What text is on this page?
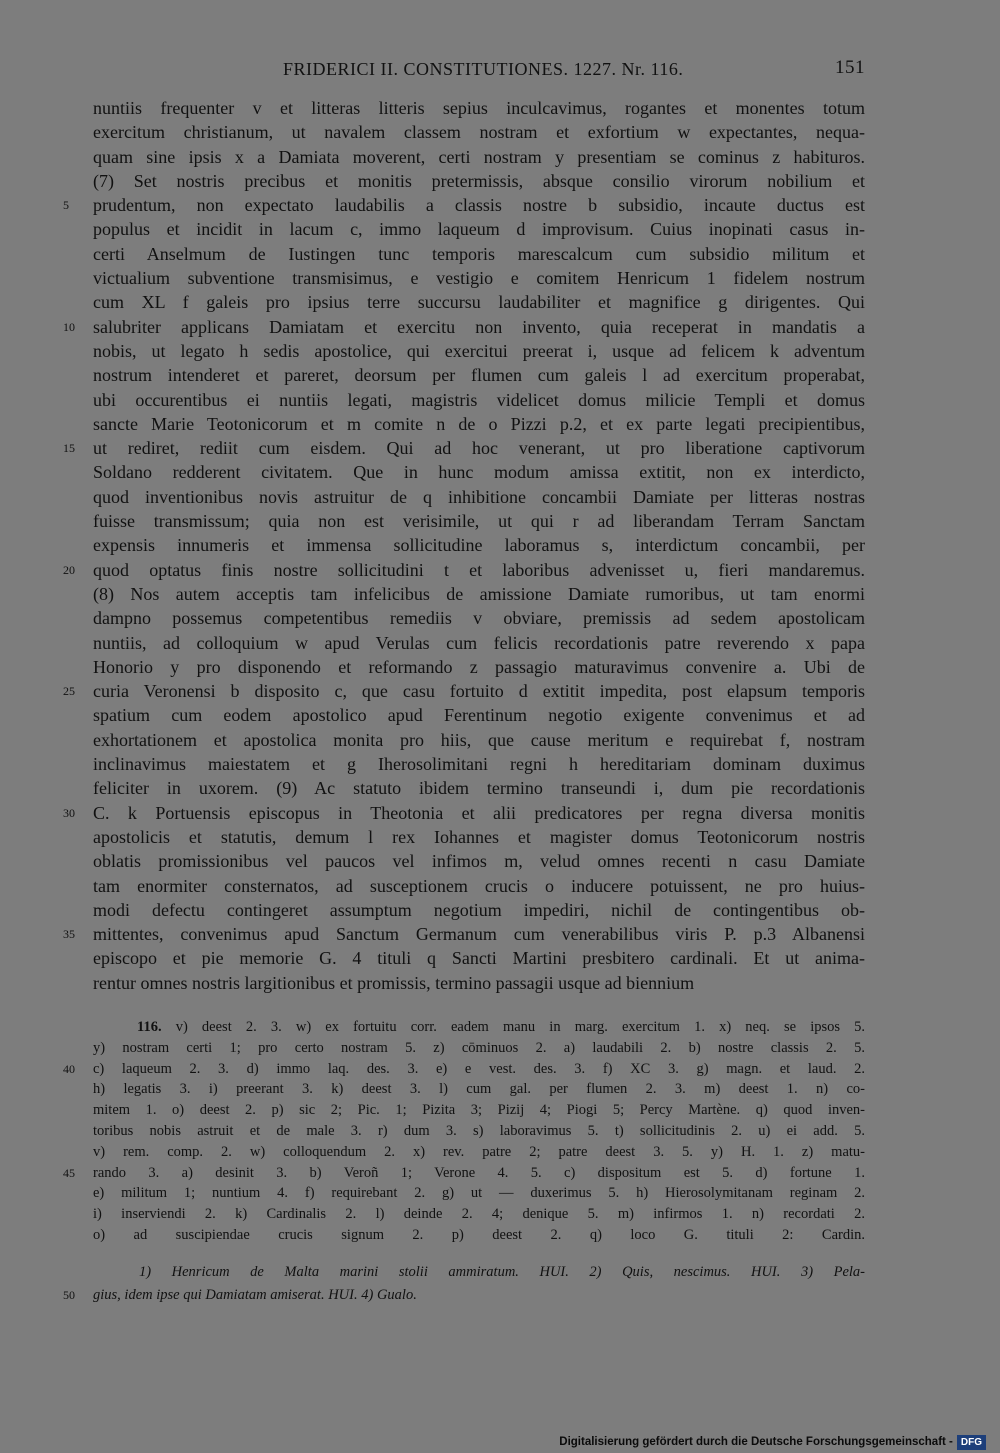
FRIDERICI II. CONSTITUTIONES. 1227. Nr. 116.	151
nuntiis frequenter v et litteras litteris sepius inculcavimus, rogantes et monentes totum
exercitum christianum, ut navalem classem nostram et exfortium w expectantes, nequa-
quam sine ipsis x a Damiata moverent, certi nostram y presentiam se cominus z habituros.
(7) Set nostris precibus et monitis pretermissis, absque consilio virorum nobilium et
5	prudentum, non expectato laudabilis a classis nostre b subsidio, incaute ductus est
populus et incidit in lacum c, immo laqueum d improvisum. Cuius inopinati casus in-
certi Anselmum de Iustingen tunc temporis marescalcum cum subsidio militum et
victualium subventione transmisimus, e vestigio e comitem Henricum 1 fidelem nostrum
cum XL f galeis pro ipsius terre succursu laudabiliter et magnifice g dirigentes. Qui
10	salubriter applicans Damiatam et exercitu non invento, quia receperat in mandatis a
nobis, ut legato h sedis apostolice, qui exercitui preerat i, usque ad felicem k adventum
nostrum intenderet et pareret, deorsum per flumen cum galeis l ad exercitum properabat,
ubi occurentibus ei nuntiis legati, magistris videlicet domus milicie Templi et domus
sancte Marie Teotonicorum et m comite n de o Pizzi p.2, et ex parte legati precipientibus,
15	ut rediret, rediit cum eisdem. Qui ad hoc venerant, ut pro liberatione captivorum
Soldano redderent civitatem. Que in hunc modum amissa extitit, non ex interdicto,
quod inventionibus novis astruitur de q inhibitione concambii Damiate per litteras nostras
fuisse transmissum; quia non est verisimile, ut qui r ad liberandam Terram Sanctam
expensis innumeris et immensa sollicitudine laboramus s, interdictum concambii, per
20	quod optatus finis nostre sollicitudini t et laboribus advenisset u, fieri mandaremus.
(8) Nos autem acceptis tam infelicibus de amissione Damiate rumoribus, ut tam enormi
dampno possemus competentibus remediis v obviare, premissis ad sedem apostolicam
nuntiis, ad colloquium w apud Verulas cum felicis recordationis patre reverendo x papa
Honorio y pro disponendo et reformando z passagio maturavimus convenire a. Ubi de
25	curia Veronensi b disposito c, que casu fortuito d extitit impedita, post elapsum temporis
spatium cum eodem apostolico apud Ferentinum negotio exigente convenimus et ad
exhortationem et apostolica monita pro hiis, que cause meritum e requirebat f, nostram
inclinavimus maiestatem et g Iherosolimitani regni h hereditariam dominam duximus
feliciter in uxorem. (9) Ac statuto ibidem termino transeundi i, dum pie recordationis
30	C. k Portuensis episcopus in Theotonia et alii predicatores per regna diversa monitis
apostolicis et statutis, demum l rex Iohannes et magister domus Teotonicorum nostris
oblatis promissionibus vel paucos vel infimos m, velud omnes recenti n casu Damiate
tam enormiter consternatos, ad susceptionem crucis o inducere potuissent, ne pro huius-
modi defectu contingeret assumptum negotium impediri, nichil de contingentibus ob-
35	mittentes, convenimus apud Sanctum Germanum cum venerabilibus viris P. p.3 Albanensi
episcopo et pie memorie G. 4 tituli q Sancti Martini presbitero cardinali. Et ut anima-
rentur omnes nostris largitionibus et promissis, termino passagii usque ad biennium
116. v) deest 2. 3. w) ex fortuitu corr. eadem manu in marg. exercitum 1. x) neq. se ipsos 5.
y) nostram certi 1; pro certo nostram 5. z) cōminuos 2. a) laudabili 2. b) nostre classis 2. 5.
40	c) laqueum 2. 3. d) immo laq. des. 3. e) e vest. des. 3. f) XC 3. g) magn. et laud. 2.
h) legatis 3. i) preerant 3. k) deest 3. l) cum gal. per flumen 2. 3. m) deest 1. n) co-
mitem 1. o) deest 2. p) sic 2; Pic. 1; Pizita 3; Pizij 4; Piogi 5; Percy Martène. q) quod inven-
toribus nobis astruit et de male 3. r) dum 3. s) laboravimus 5. t) sollicitudinis 2. u) ei add. 5.
v) rem. comp. 2. w) colloquendum 2. x) rev. patre 2; patre deest 3. 5. y) H. 1. z) matu-
45	rando 3. a) desinit 3. b) Veroñ 1; Verone 4. 5. c) dispositum est 5. d) fortune 1.
e) militum 1; nuntium 4. f) requirebant 2. g) ut — duxerimus 5. h) Hierosolymitanam reginam 2.
i) inserviendi 2. k) Cardinalis 2. l) deinde 2. 4; denique 5. m) infirmos 1. n) recordati 2.
o) ad suscipiendae crucis signum 2. p) deest 2. q) loco G. tituli 2: Cardin.
1) Henricum de Malta marini stolii ammiratum. HUI. 2) Quis, nescimus. HUI. 3) Pela-
50	gius, idem ipse qui Damiatam amiserat. HUI. 4) Gualo.
Digitalisierung gefördert durch die Deutsche Forschungsgemeinschaft - DFG
